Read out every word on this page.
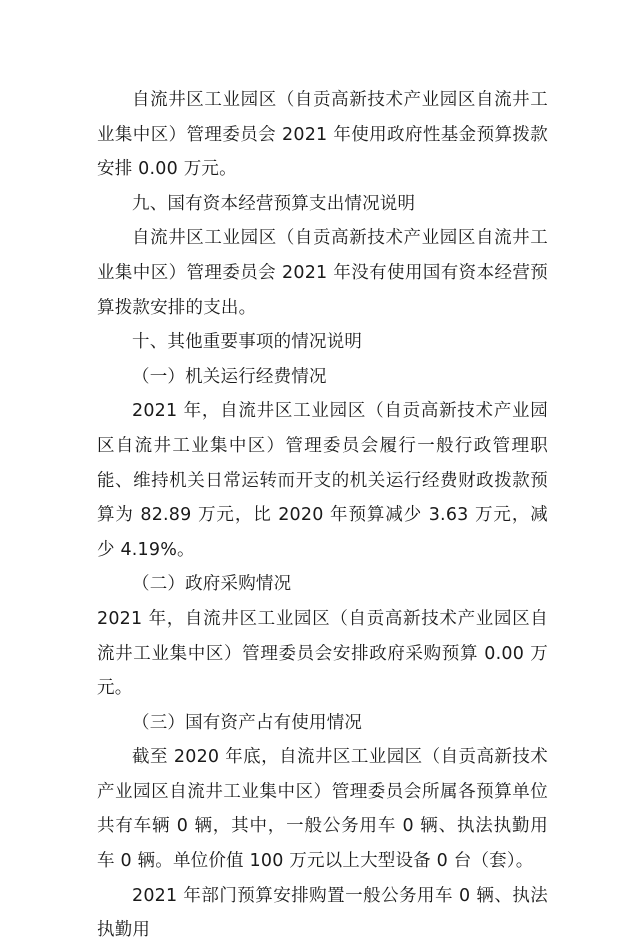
自流井区工业园区（自贡高新技术产业园区自流井工业集中区）管理委员会 2021 年使用政府性基金预算拨款安排 0.00 万元。

九、国有资本经营预算支出情况说明

自流井区工业园区（自贡高新技术产业园区自流井工业集中区）管理委员会 2021 年没有使用国有资本经营预算拨款安排的支出。

十、其他重要事项的情况说明

（一）机关运行经费情况

2021 年，自流井区工业园区（自贡高新技术产业园区自流井工业集中区）管理委员会履行一般行政管理职能、维持机关日常运转而开支的机关运行经费财政拨款预算为 82.89 万元，比 2020 年预算减少 3.63 万元，减少 4.19%。

（二）政府采购情况

2021 年，自流井区工业园区（自贡高新技术产业园区自流井工业集中区）管理委员会安排政府采购预算 0.00 万元。

（三）国有资产占有使用情况

截至 2020 年底，自流井区工业园区（自贡高新技术产业园区自流井工业集中区）管理委员会所属各预算单位共有车辆 0 辆，其中，一般公务用车 0 辆、执法执勤用车 0 辆。单位价值 100 万元以上大型设备 0 台（套）。

2021 年部门预算安排购置一般公务用车 0 辆、执法执勤用
